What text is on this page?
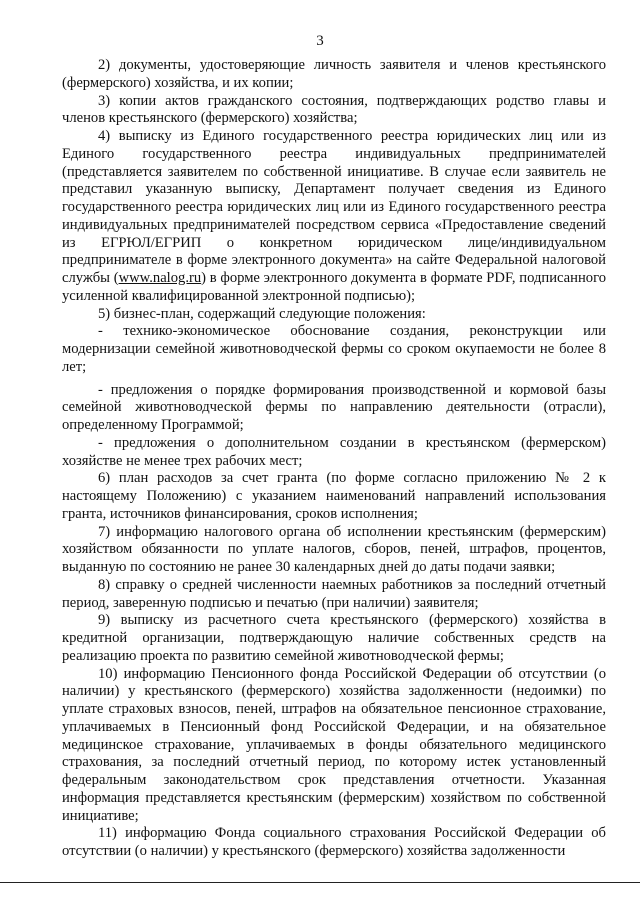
3

2) документы, удостоверяющие личность заявителя и членов крестьянского (фермерского) хозяйства, и их копии;

3) копии актов гражданского состояния, подтверждающих родство главы и членов крестьянского (фермерского) хозяйства;

4) выписку из Единого государственного реестра юридических лиц или из Единого государственного реестра индивидуальных предпринимателей (представляется заявителем по собственной инициативе. В случае если заявитель не представил указанную выписку, Департамент получает сведения из Единого государственного реестра юридических лиц или из Единого государственного реестра индивидуальных предпринимателей посредством сервиса «Предоставление сведений из ЕГРЮЛ/ЕГРИП о конкретном юридическом лице/индивидуальном предпринимателе в форме электронного документа» на сайте Федеральной налоговой службы (www.nalog.ru) в форме электронного документа в формате PDF, подписанного усиленной квалифицированной электронной подписью);

5) бизнес-план, содержащий следующие положения:

- технико-экономическое обоснование создания, реконструкции или модернизации семейной животноводческой фермы со сроком окупаемости не более 8 лет;

- предложения о порядке формирования производственной и кормовой базы семейной животноводческой фермы по направлению деятельности (отрасли), определенному Программой;

- предложения о дополнительном создании в крестьянском (фермерском) хозяйстве не менее трех рабочих мест;

6) план расходов за счет гранта (по форме согласно приложению № 2 к настоящему Положению) с указанием наименований направлений использования гранта, источников финансирования, сроков исполнения;

7) информацию налогового органа об исполнении крестьянским (фермерским) хозяйством обязанности по уплате налогов, сборов, пеней, штрафов, процентов, выданную по состоянию не ранее 30 календарных дней до даты подачи заявки;

8) справку о средней численности наемных работников за последний отчетный период, заверенную подписью и печатью (при наличии) заявителя;

9) выписку из расчетного счета крестьянского (фермерского) хозяйства в кредитной организации, подтверждающую наличие собственных средств на реализацию проекта по развитию семейной животноводческой фермы;

10) информацию Пенсионного фонда Российской Федерации об отсутствии (о наличии) у крестьянского (фермерского) хозяйства задолженности (недоимки) по уплате страховых взносов, пеней, штрафов на обязательное пенсионное страхование, уплачиваемых в Пенсионный фонд Российской Федерации, и на обязательное медицинское страхование, уплачиваемых в фонды обязательного медицинского страхования, за последний отчетный период, по которому истек установленный федеральным законодательством срок представления отчетности. Указанная информация представляется крестьянским (фермерским) хозяйством по собственной инициативе;

11) информацию Фонда социального страхования Российской Федерации об отсутствии (о наличии) у крестьянского (фермерского) хозяйства задолженности
